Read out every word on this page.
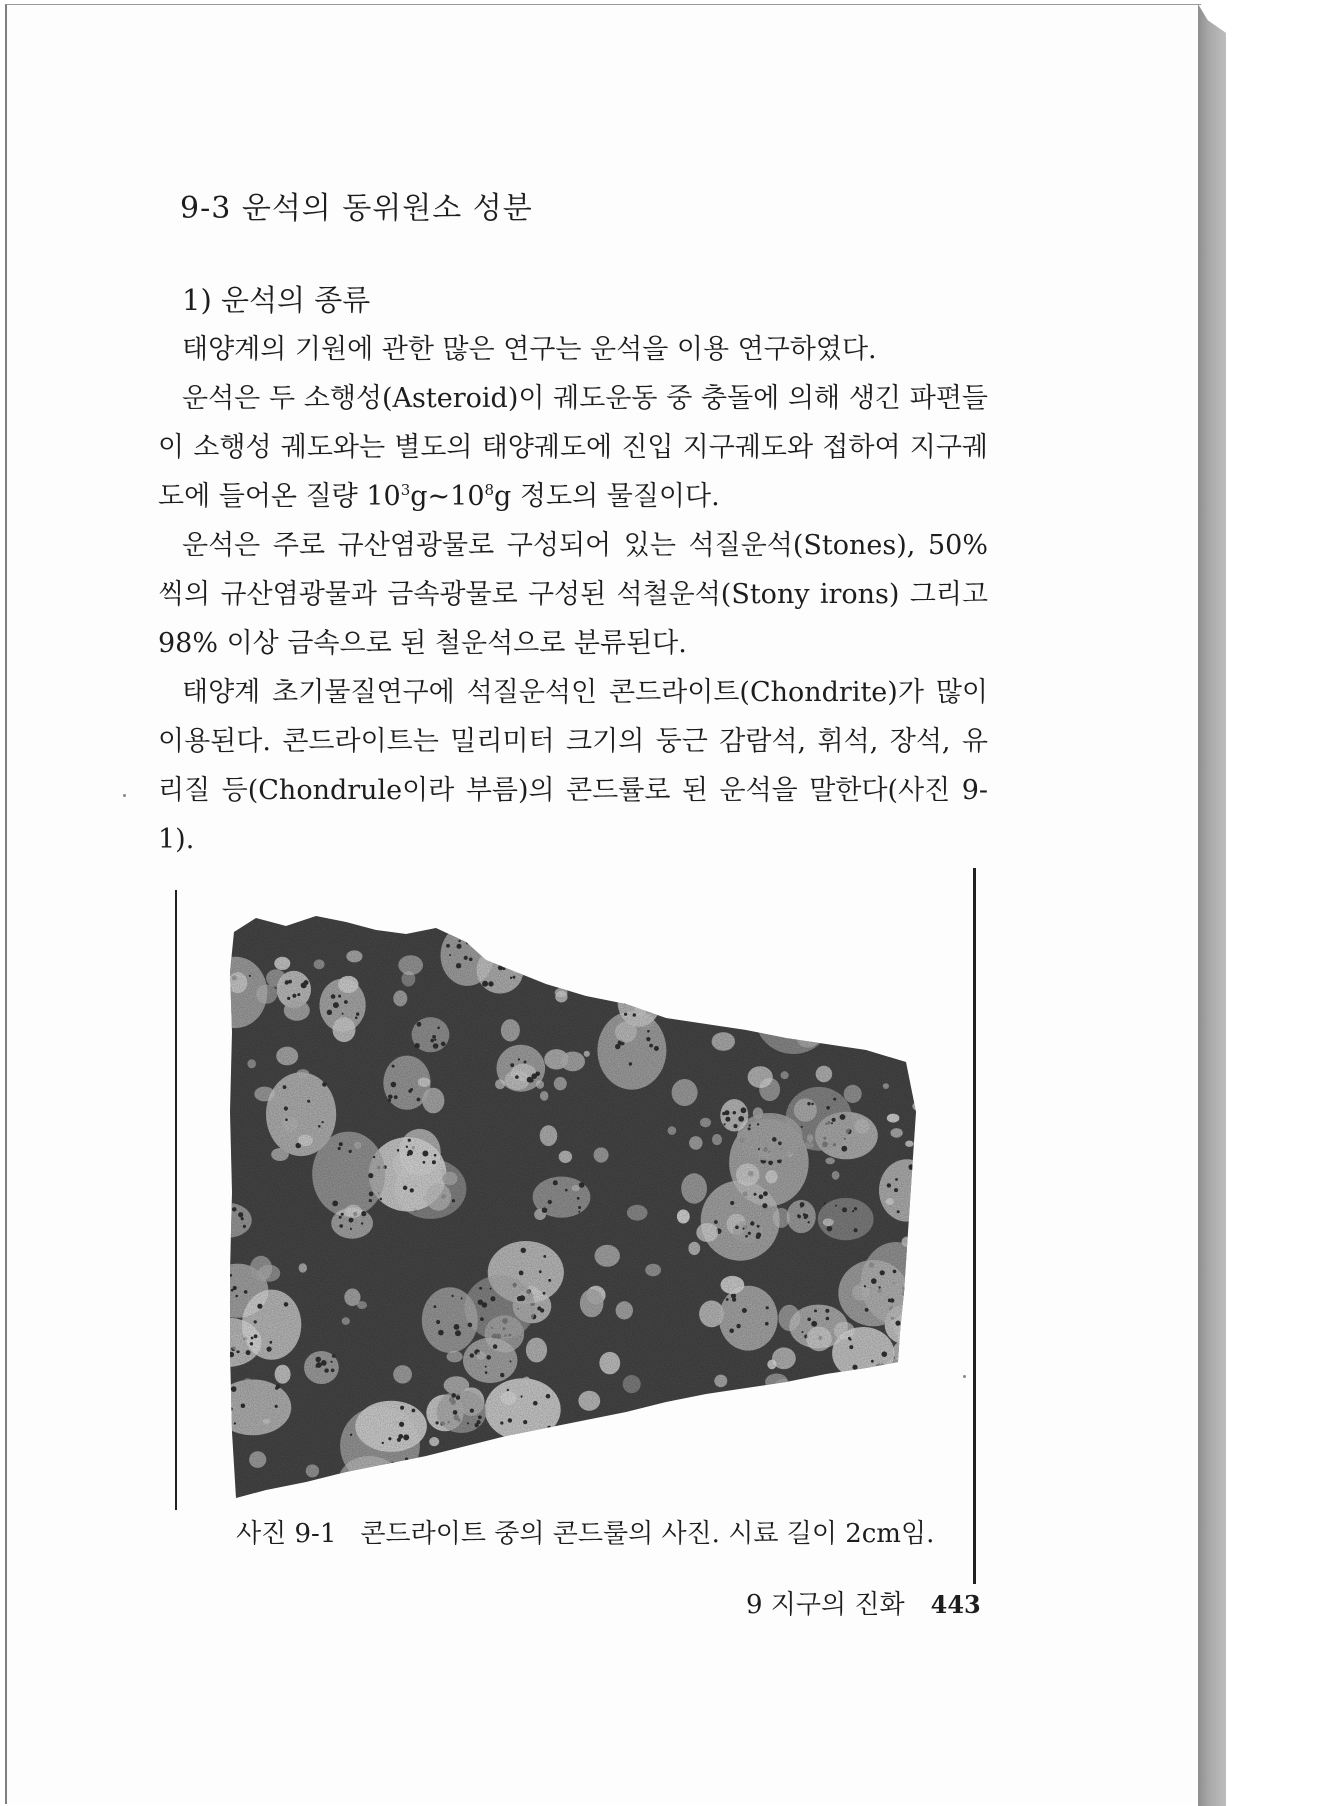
9-3 운석의 동위원소 성분
1) 운석의 종류

태양계의 기원에 관한 많은 연구는 운석을 이용 연구하였다.

운석은 두 소행성(Asteroid)이 궤도운동 중 충돌에 의해 생긴 파편들이 소행성 궤도와는 별도의 태양궤도에 진입 지구궤도와 접하여 지구궤도에 들어온 질량 $10^3g\sim 10^8g$ 정도의 물질이다.

운석은 주로 규산염광물로 구성되어 있는 석질운석(Stones), 50%씩의 규산염광물과 금속광물로 구성된 석철운석(Stony irons) 그리고 98% 이상 금속으로 된 철운석으로 분류된다.

태양계 초기물질연구에 석질운석인 콘드라이트(Chondrite)가 많이 이용된다. 콘드라이트는 밀리미터 크기의 둥근 감람석, 휘석, 장석, 유리질 등(Chondrule이라 부름)의 콘드률로 된 운석을 말한다(사진 9-1).

사진 9-1 콘드라이트 중의 콘드룰의 사진. 시료 길이 2cm임.

9 지구의 진화 443
